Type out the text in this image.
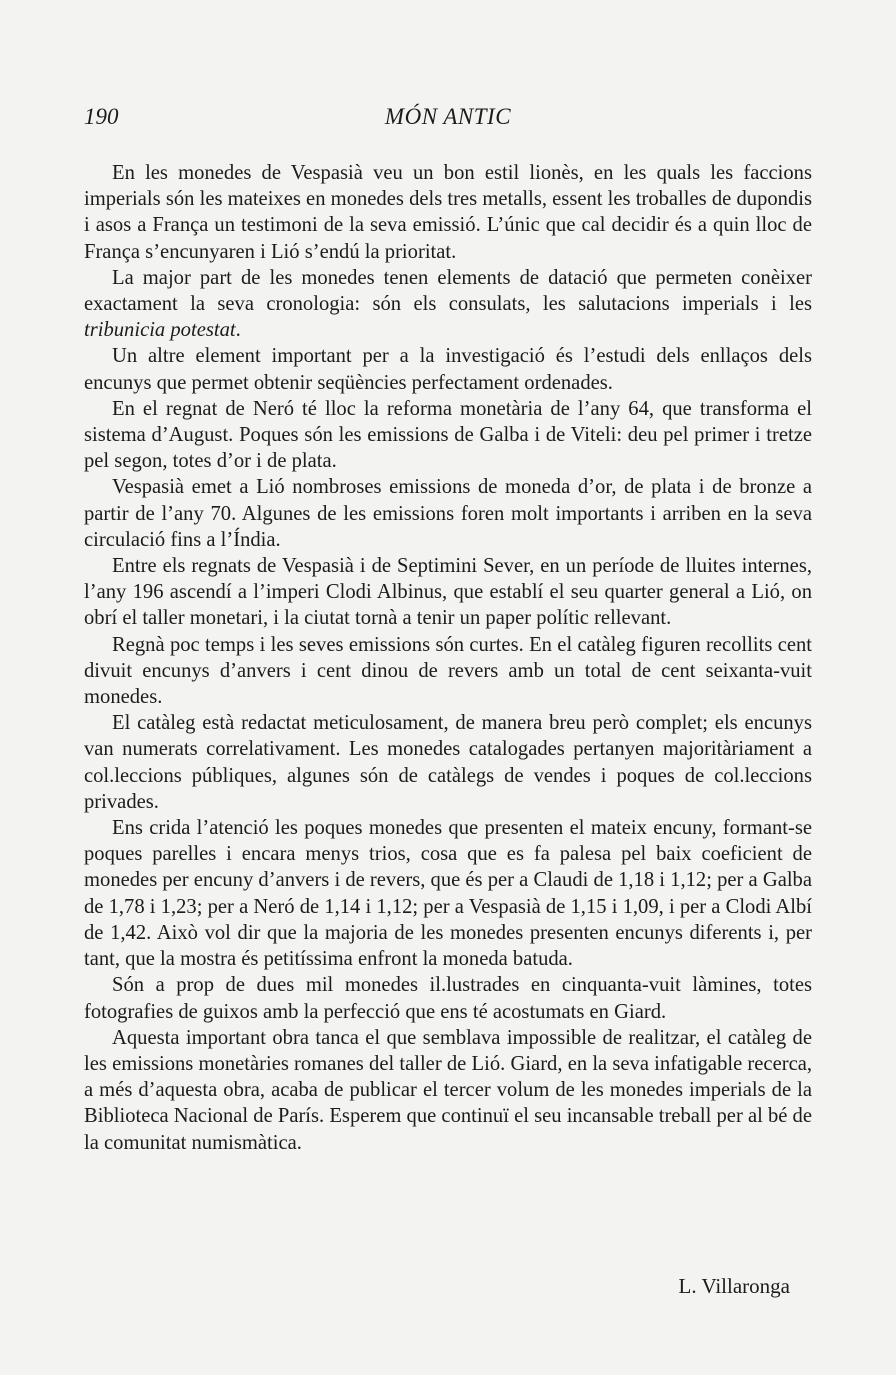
190	MÓN ANTIC

En les monedes de Vespasià veu un bon estil lionès, en les quals les faccions imperials són les mateixes en monedes dels tres metalls, essent les troballes de dupondis i asos a França un testimoni de la seva emissió. L’únic que cal decidir és a quin lloc de França s’encunyaren i Lió s’endú la prioritat.

La major part de les monedes tenen elements de datació que permeten conèixer exactament la seva cronologia: són els consulats, les salutacions imperials i les tribunicia potestat.

Un altre element important per a la investigació és l’estudi dels enllaços dels encunys que permet obtenir seqüències perfectament ordenades.

En el regnat de Neró té lloc la reforma monetària de l’any 64, que transforma el sistema d’August. Poques són les emissions de Galba i de Viteli: deu pel primer i tretze pel segon, totes d’or i de plata.

Vespasià emet a Lió nombroses emissions de moneda d’or, de plata i de bronze a partir de l’any 70. Algunes de les emissions foren molt importants i arriben en la seva circulació fins a l’Índia.

Entre els regnats de Vespasià i de Septimini Sever, en un període de lluites internes, l’any 196 ascendí a l’imperi Clodi Albinus, que establí el seu quarter general a Lió, on obrí el taller monetari, i la ciutat tornà a tenir un paper polític rellevant.

Regnà poc temps i les seves emissions són curtes. En el catàleg figuren recollits cent divuit encunys d’anvers i cent dinou de revers amb un total de cent seixanta-vuit monedes.

El catàleg està redactat meticulosament, de manera breu però complet; els encunys van numerats correlativament. Les monedes catalogades pertanyen majoritàriament a col.leccions públiques, algunes són de catàlegs de vendes i poques de col.leccions privades.

Ens crida l’atenció les poques monedes que presenten el mateix encuny, formant-se poques parelles i encara menys trios, cosa que es fa palesa pel baix coeficient de monedes per encuny d’anvers i de revers, que és per a Claudi de 1,18 i 1,12; per a Galba de 1,78 i 1,23; per a Neró de 1,14 i 1,12; per a Vespasià de 1,15 i 1,09, i per a Clodi Albí de 1,42. Això vol dir que la majoria de les monedes presenten encunys diferents i, per tant, que la mostra és petitíssima enfront la moneda batuda.

Són a prop de dues mil monedes il.lustrades en cinquanta-vuit làmines, totes fotografies de guixos amb la perfecció que ens té acostumats en Giard.

Aquesta important obra tanca el que semblava impossible de realitzar, el catàleg de les emissions monetàries romanes del taller de Lió. Giard, en la seva infatigable recerca, a més d’aquesta obra, acaba de publicar el tercer volum de les monedes imperials de la Biblioteca Nacional de París. Esperem que continuï el seu incansable treball per al bé de la comunitat numismàtica.

L. Villaronga
